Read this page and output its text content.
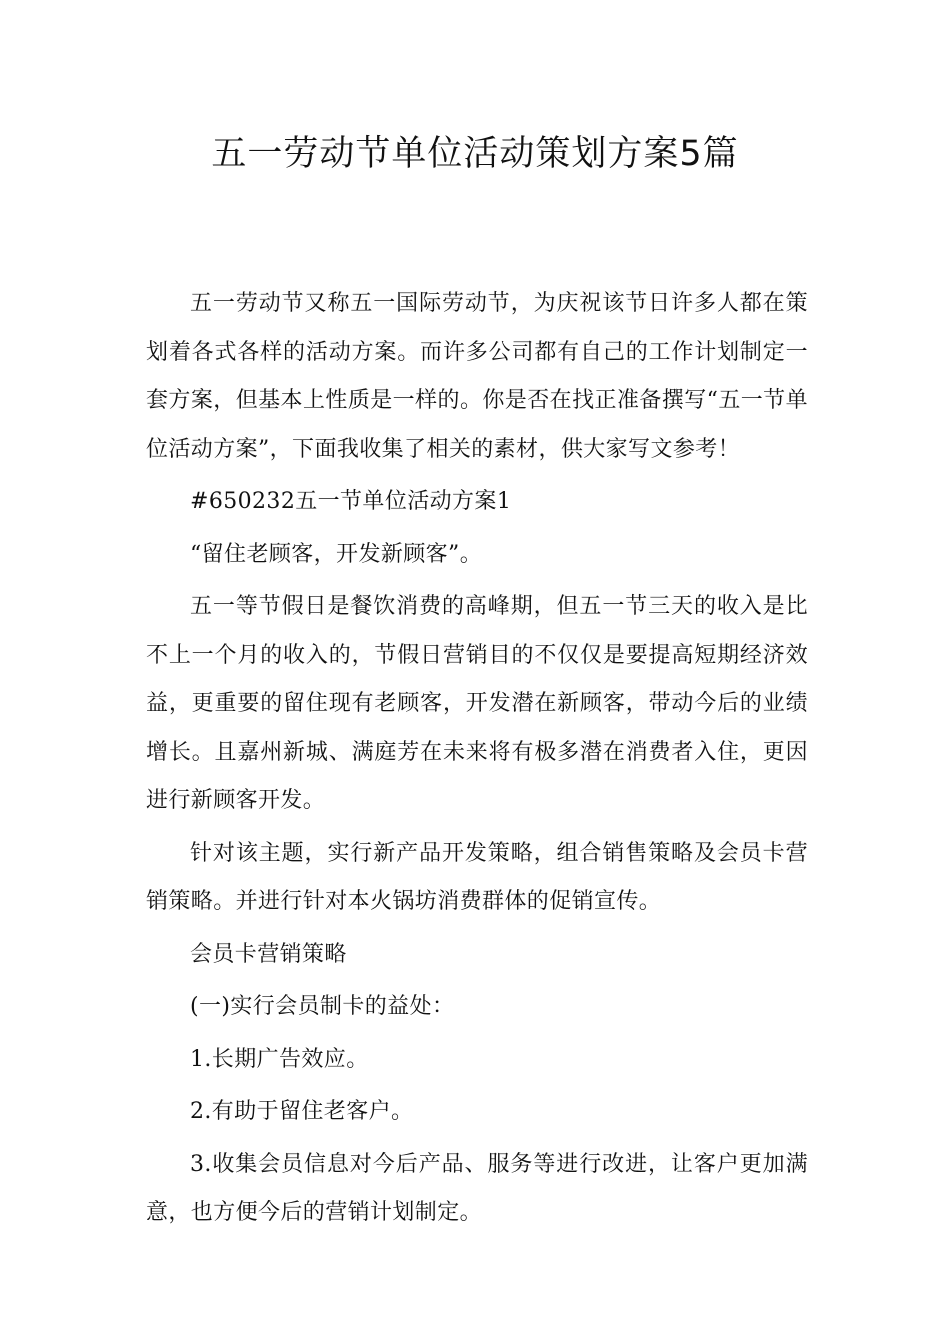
五一劳动节单位活动策划方案5篇

五一劳动节又称五一国际劳动节，为庆祝该节日许多人都在策划着各式各样的活动方案。而许多公司都有自己的工作计划制定一套方案，但基本上性质是一样的。你是否在找正准备撰写“五一节单位活动方案”，下面我收集了相关的素材，供大家写文参考！

#650232五一节单位活动方案1

“留住老顾客，开发新顾客”。

五一等节假日是餐饮消费的高峰期，但五一节三天的收入是比不上一个月的收入的，节假日营销目的不仅仅是要提高短期经济效益，更重要的留住现有老顾客，开发潜在新顾客，带动今后的业绩增长。且嘉州新城、满庭芳在未来将有极多潜在消费者入住，更因进行新顾客开发。

针对该主题，实行新产品开发策略，组合销售策略及会员卡营销策略。并进行针对本火锅坊消费群体的促销宣传。

会员卡营销策略

(一)实行会员制卡的益处：

1.长期广告效应。

2.有助于留住老客户。

3.收集会员信息对今后产品、服务等进行改进，让客户更加满意，也方便今后的营销计划制定。
